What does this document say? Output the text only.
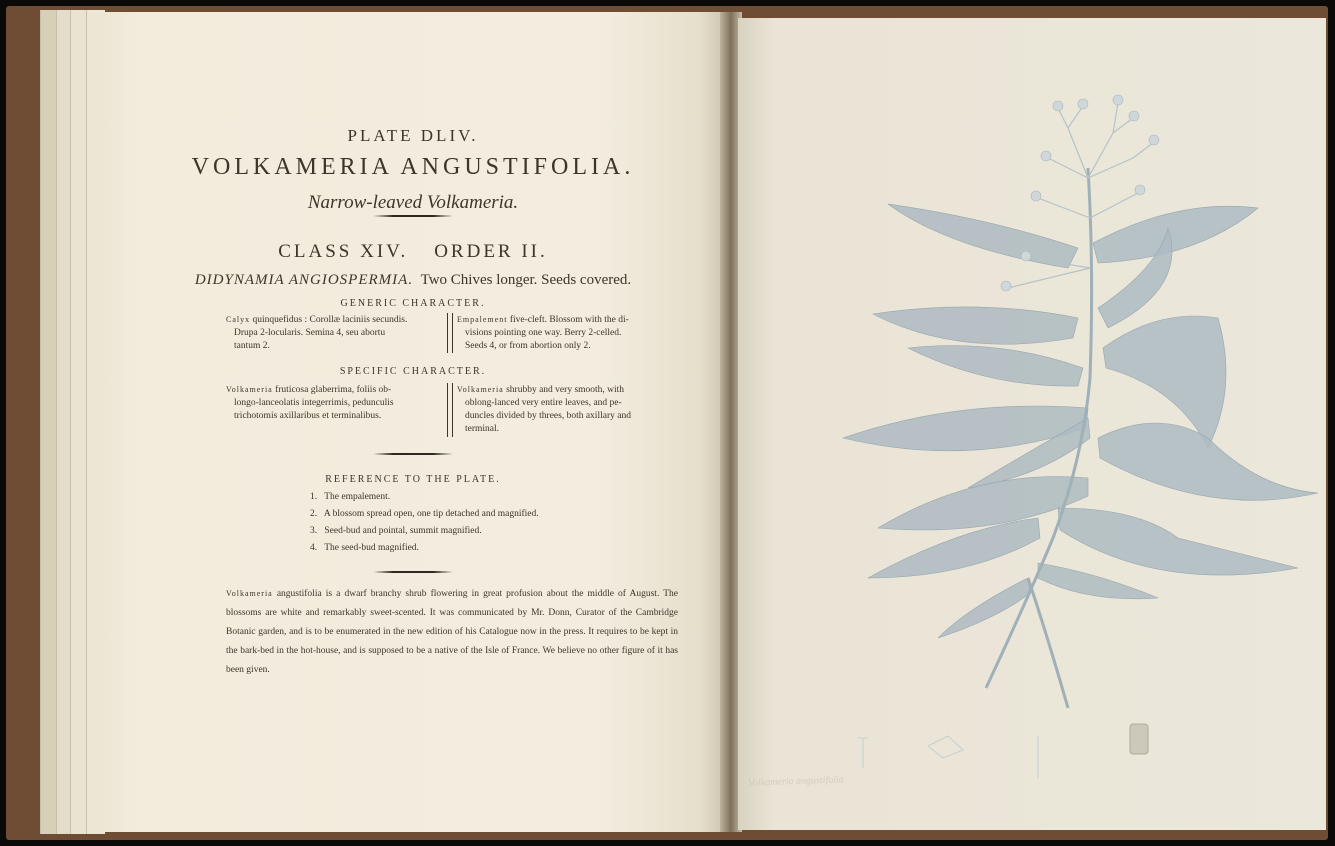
PLATE DLIV.
VOLKAMERIA ANGUSTIFOLIA.
Narrow-leaved Volkameria.
CLASS XIV. ORDER II.
DIDYNAMIA ANGIOSPERMIA. Two Chives longer. Seeds covered.
GENERIC CHARACTER.
Calyx quinquefidus : Corollæ laciniis secundis.
Drupa 2-locularis. Semina 4, seu abortu
tantum 2.
Empalement five-cleft. Blossom with the di-
visions pointing one way. Berry 2-celled.
Seeds 4, or from abortion only 2.
SPECIFIC CHARACTER.
Volkameria fruticosa glaberrima, foliis ob-
longo-lanceolatis integerrimis, pedunculis
trichotomis axillaribus et terminalibus.
Volkameria shrubby and very smooth, with
oblong-lanced very entire leaves, and pe-
duncles divided by threes, both axillary and
terminal.
REFERENCE TO THE PLATE.
1. The empalement.
2. A blossom spread open, one tip detached and magnified.
3. Seed-bud and pointal, summit magnified.
4. The seed-bud magnified.
Volkameria angustifolia is a dwarf branchy shrub flowering in great profusion about the middle of August. The blossoms are white and remarkably sweet-scented. It was communicated by Mr. Donn, Curator of the Cambridge Botanic garden, and is to be enumerated in the new edition of his Catalogue now in the press. It requires to be kept in the bark-bed in the hot-house, and is supposed to be a native of the Isle of France. We believe no other figure of it has been given.
Volkameria angustifolia
